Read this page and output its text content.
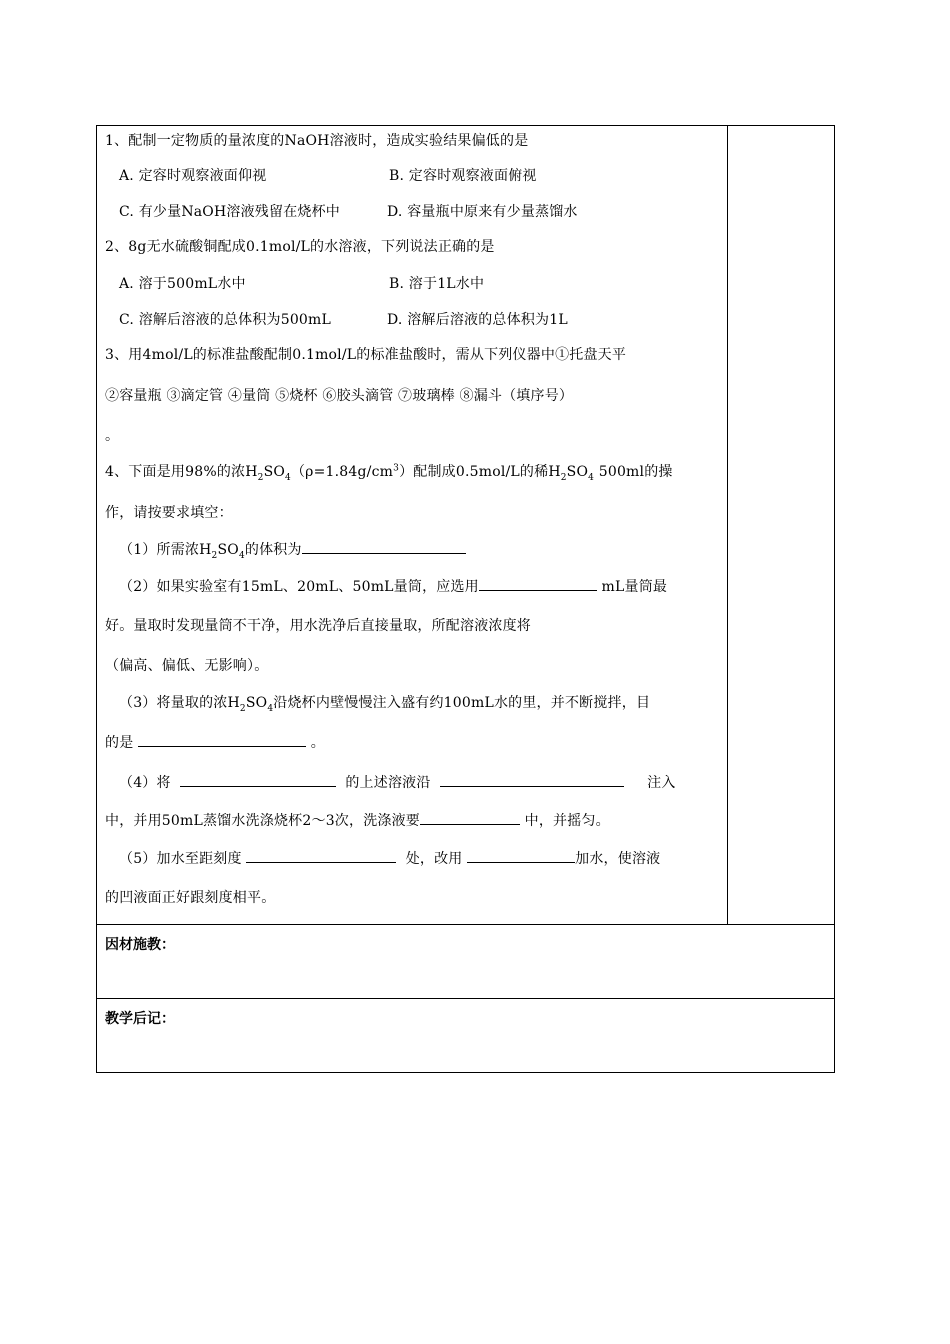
1、配制一定物质的量浓度的NaOH溶液时，造成实验结果偏低的是
A. 定容时观察液面仰视	B. 定容时观察液面俯视
C. 有少量NaOH溶液残留在烧杯中	D. 容量瓶中原来有少量蒸馏水
2、8g无水硫酸铜配成0.1mol/L的水溶液，下列说法正确的是
A. 溶于500mL水中	B. 溶于1L水中
C. 溶解后溶液的总体积为500mL	D. 溶解后溶液的总体积为1L
3、用4mol/L的标准盐酸配制0.1mol/L的标准盐酸时，需从下列仪器中①托盘天平
②容量瓶 ③滴定管 ④量筒 ⑤烧杯 ⑥胶头滴管 ⑦玻璃棒 ⑧漏斗（填序号）
。
4、下面是用98%的浓$H_2SO_4(\rho=1.84g/cm^3)$配制成0.5mol/L的稀$H_2SO_4$ 500ml的操
作，请按要求填空：
（1）所需浓$H_2SO_4$的体积为
（2）如果实验室有15mL、20mL、50mL量筒，应选用	mL量筒最
好。量取时发现量筒不干净，用水洗净后直接量取，所配溶液浓度将
（偏高、偏低、无影响）。
（3）将量取的浓$H_2SO_4$沿烧杯内壁慢慢注入盛有约100mL水的里，并不断搅拌，目
的是	。
（4）将	的上述溶液沿	注入
中，并用50mL蒸馏水洗涤烧杯2～3次，洗涤液要	中，并摇匀。
（5）加水至距刻度	处，改用	加水，使溶液
的凹液面正好跟刻度相平。

因材施教：

教学后记：
